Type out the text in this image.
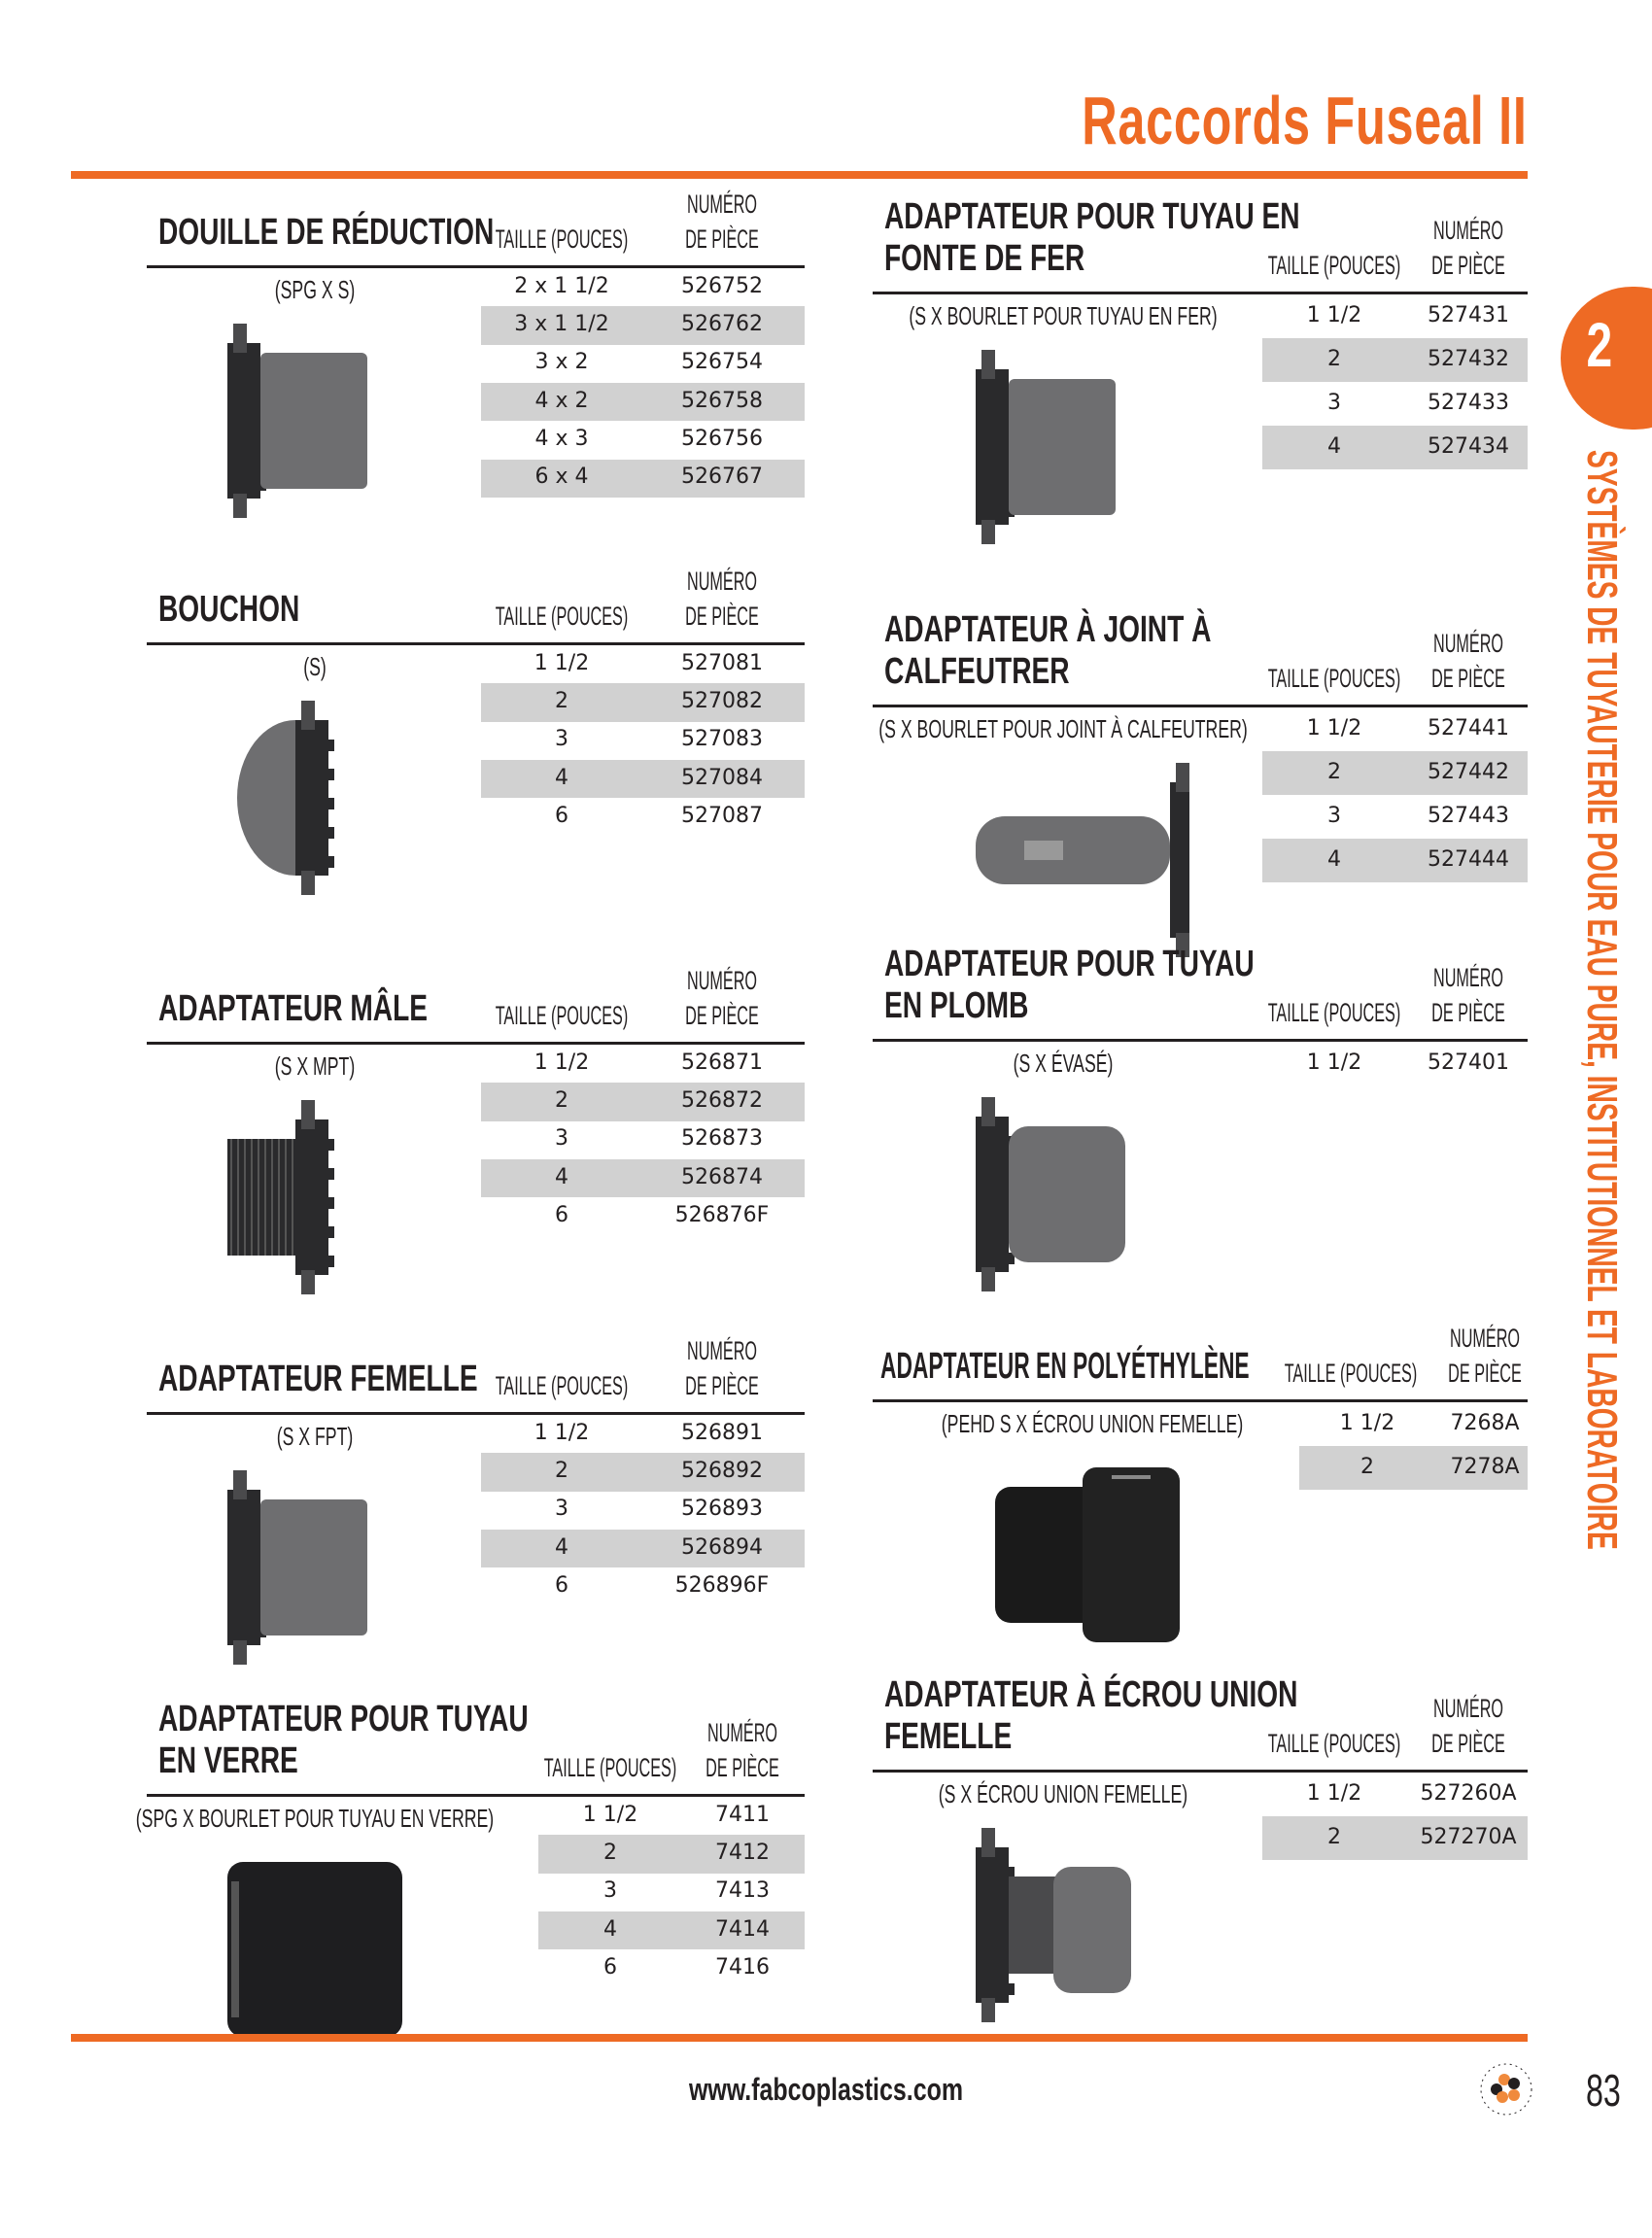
Raccords Fuseal II
DOUILLE DE RÉDUCTION TAILLE (POUCES)
NUMÉRO
DE PIÈCE
(SPG X S)	2 x 1 1/2	526752
3 x 1 1/2	526762
3 x 2	526754
4 x 2	526758
4 x 3	526756
6 x 4	526767
BOUCHON	TAILLE (POUCES)
NUMÉRO
DE PIÈCE
(S)	1 1/2	527081
2	527082
3	527083
4	527084
6	527087
ADAPTATEUR MÂLE	TAILLE (POUCES)
NUMÉRO
DE PIÈCE
(S X MPT)	1 1/2	526871
2	526872
3	526873
4	526874
6	526876F
ADAPTATEUR FEMELLE TAILLE (POUCES)
NUMÉRO
DE PIÈCE
(S X FPT)	1 1/2	526891
2	526892
3	526893
4	526894
6	526896F
ADAPTATEUR POUR TUYAU
EN VERRE	TAILLE (POUCES)
NUMÉRO
DE PIÈCE
(SPG X BOURLET POUR TUYAU EN VERRE)	1 1/2	7411
2	7412
3	7413
4	7414
6	7416
ADAPTATEUR POUR TUYAU EN
FONTE DE FER	TAILLE (POUCES)
NUMÉRO
DE PIÈCE
(S X BOURLET POUR TUYAU EN FER)	1 1/2	527431
2	527432
3	527433
4	527434
ADAPTATEUR À JOINT À
CALFEUTRER	TAILLE (POUCES)
NUMÉRO
DE PIÈCE
(S X BOURLET POUR JOINT À CALFEUTRER)	1 1/2	527441
2	527442
3	527443
4	527444
ADAPTATEUR POUR TUYAU
EN PLOMB	TAILLE (POUCES)
NUMÉRO
DE PIÈCE
(S X ÉVASÉ)	1 1/2	527401
ADAPTATEUR EN POLYÉTHYLÈNE TAILLE (POUCES)
NUMÉRO
DE PIÈCE
(PEHD S X ÉCROU UNION FEMELLE)	1 1/2	7268A
2	7278A
ADAPTATEUR À ÉCROU UNION
FEMELLE	TAILLE (POUCES)
NUMÉRO
DE PIÈCE
(S X ÉCROU UNION FEMELLE)	1 1/2	527260A
2	527270A
2
SYSTÈMES DE TUYAUTERIE POUR EAU PURE, INSTITUTIONNEL ET LABORATOIRE
www.fabcoplastics.com	83
